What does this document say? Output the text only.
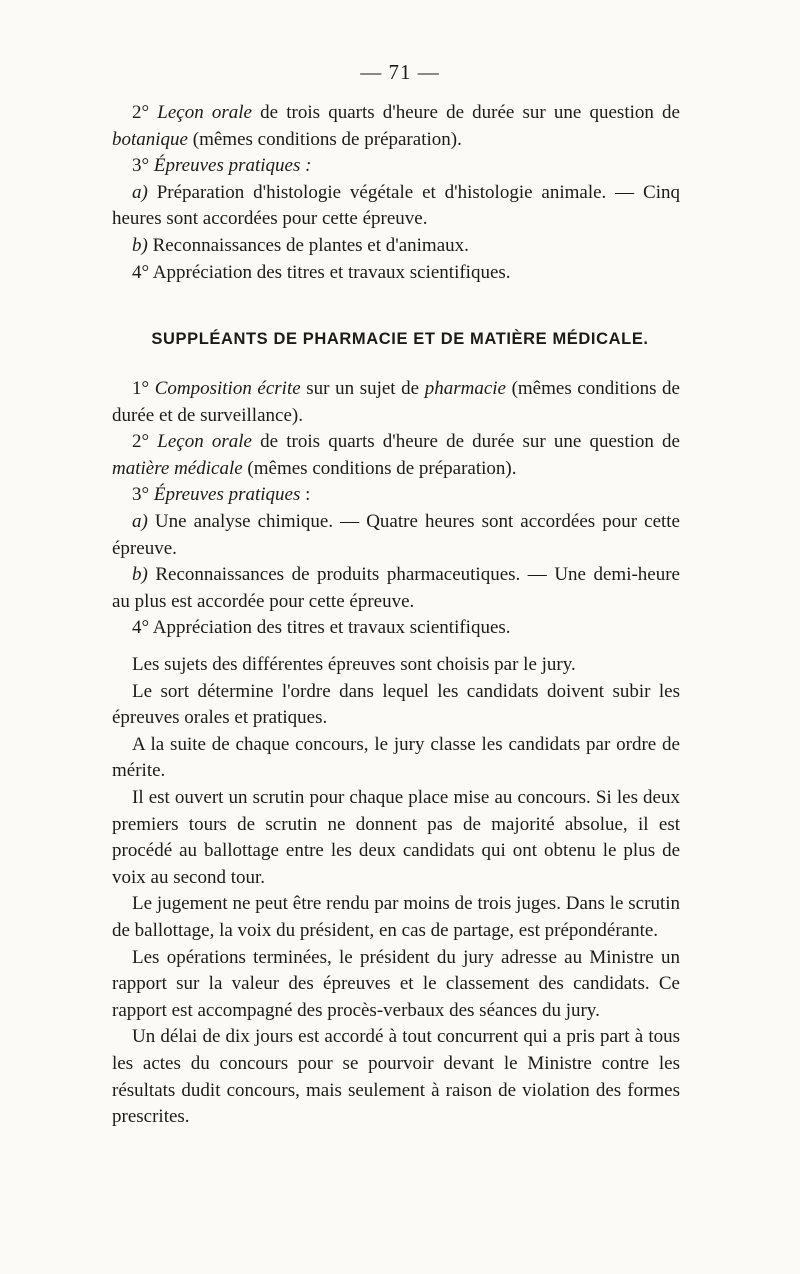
— 71 —

2° Leçon orale de trois quarts d'heure de durée sur une question de botanique (mêmes conditions de préparation).

3° Épreuves pratiques :

a) Préparation d'histologie végétale et d'histologie animale. — Cinq heures sont accordées pour cette épreuve.

b) Reconnaissances de plantes et d'animaux.

4° Appréciation des titres et travaux scientifiques.

SUPPLÉANTS DE PHARMACIE ET DE MATIÈRE MÉDICALE.

1° Composition écrite sur un sujet de pharmacie (mêmes conditions de durée et de surveillance).

2° Leçon orale de trois quarts d'heure de durée sur une question de matière médicale (mêmes conditions de préparation).

3° Épreuves pratiques :

a) Une analyse chimique. — Quatre heures sont accordées pour cette épreuve.

b) Reconnaissances de produits pharmaceutiques. — Une demi-heure au plus est accordée pour cette épreuve.

4° Appréciation des titres et travaux scientifiques.

Les sujets des différentes épreuves sont choisis par le jury.

Le sort détermine l'ordre dans lequel les candidats doivent subir les épreuves orales et pratiques.

A la suite de chaque concours, le jury classe les candidats par ordre de mérite.

Il est ouvert un scrutin pour chaque place mise au concours. Si les deux premiers tours de scrutin ne donnent pas de majorité absolue, il est procédé au ballottage entre les deux candidats qui ont obtenu le plus de voix au second tour.

Le jugement ne peut être rendu par moins de trois juges. Dans le scrutin de ballottage, la voix du président, en cas de partage, est prépondérante.

Les opérations terminées, le président du jury adresse au Ministre un rapport sur la valeur des épreuves et le classement des candidats. Ce rapport est accompagné des procès-verbaux des séances du jury.

Un délai de dix jours est accordé à tout concurrent qui a pris part à tous les actes du concours pour se pourvoir devant le Ministre contre les résultats dudit concours, mais seulement à raison de violation des formes prescrites.
